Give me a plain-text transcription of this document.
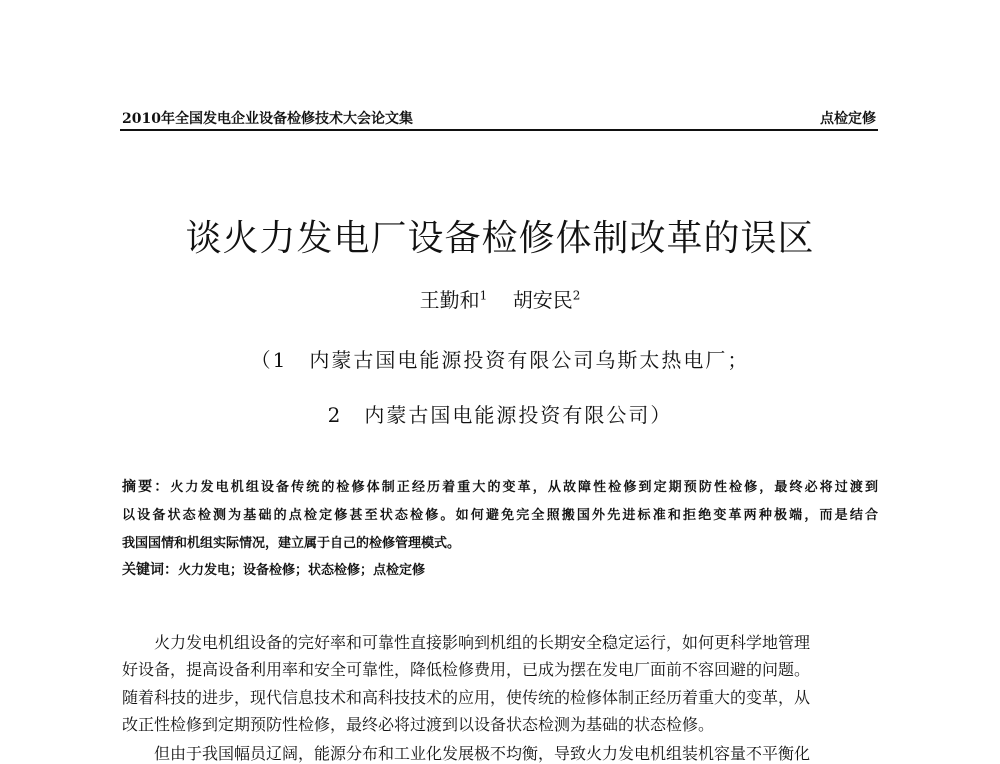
2010年全国发电企业设备检修技术大会论文集	点检定修
谈火力发电厂设备检修体制改革的误区
王勤和$^1$ 胡安民$^2$
（1　内蒙古国电能源投资有限公司乌斯太热电厂；
2　内蒙古国电能源投资有限公司）
摘要：火力发电机组设备传统的检修体制正经历着重大的变革，从故障性检修到定期预防性检修，最终必将过渡到
以设备状态检测为基础的点检定修甚至状态检修。如何避免完全照搬国外先进标准和拒绝变革两种极端，而是结合
我国国情和机组实际情况，建立属于自己的检修管理模式。
关键词：火力发电；设备检修；状态检修；点检定修
　　火力发电机组设备的完好率和可靠性直接影响到机组的长期安全稳定运行，如何更科学地管理
好设备，提高设备利用率和安全可靠性，降低检修费用，已成为摆在发电厂面前不容回避的问题。
随着科技的进步，现代信息技术和高科技技术的应用，使传统的检修体制正经历着重大的变革，从
改正性检修到定期预防性检修，最终必将过渡到以设备状态检测为基础的状态检修。
　　但由于我国幅员辽阔，能源分布和工业化发展极不均衡，导致火力发电机组装机容量不平衡化
